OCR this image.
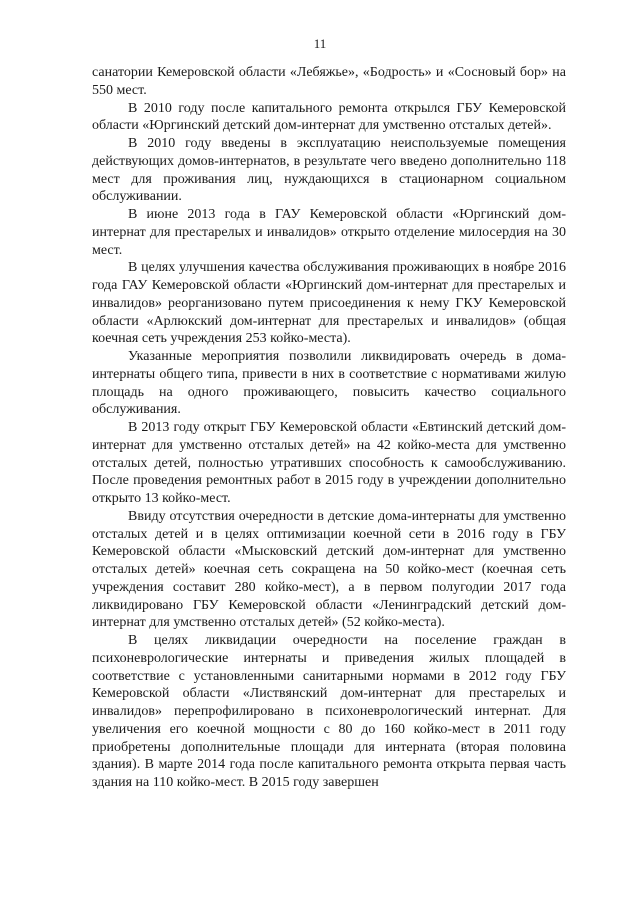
11

санатории Кемеровской области «Лебяжье», «Бодрость» и «Сосновый бор» на 550 мест.

В 2010 году после капитального ремонта открылся ГБУ Кемеровской области «Юргинский детский дом-интернат для умственно отсталых детей».

В 2010 году введены в эксплуатацию неиспользуемые помещения действующих домов-интернатов, в результате чего введено дополнительно 118 мест для проживания лиц, нуждающихся в стационарном социальном обслуживании.

В июне 2013 года в ГАУ Кемеровской области «Юргинский дом-интернат для престарелых и инвалидов» открыто отделение милосердия на 30 мест.

В целях улучшения качества обслуживания проживающих в ноябре 2016 года ГАУ Кемеровской области «Юргинский дом-интернат для престарелых и инвалидов» реорганизовано путем присоединения к нему ГКУ Кемеровской области «Арлюкский дом-интернат для престарелых и инвалидов» (общая коечная сеть учреждения 253 койко-места).

Указанные мероприятия позволили ликвидировать очередь в дома-интернаты общего типа, привести в них в соответствие с нормативами жилую площадь на одного проживающего, повысить качество социального обслуживания.

В 2013 году открыт ГБУ Кемеровской области «Евтинский детский дом-интернат для умственно отсталых детей» на 42 койко-места для умственно отсталых детей, полностью утративших способность к самообслуживанию. После проведения ремонтных работ в 2015 году в учреждении дополнительно открыто 13 койко-мест.

Ввиду отсутствия очередности в детские дома-интернаты для умственно отсталых детей и в целях оптимизации коечной сети в 2016 году в ГБУ Кемеровской области «Мысковский детский дом-интернат для умственно отсталых детей» коечная сеть сокращена на 50 койко-мест (коечная сеть учреждения составит 280 койко-мест), а в первом полугодии 2017 года ликвидировано ГБУ Кемеровской области «Ленинградский детский дом-интернат для умственно отсталых детей» (52 койко-места).

В целях ликвидации очередности на поселение граждан в психоневрологические интернаты и приведения жилых площадей в соответствие с установленными санитарными нормами в 2012 году ГБУ Кемеровской области «Листвянский дом-интернат для престарелых и инвалидов» перепрофилировано в психоневрологический интернат. Для увеличения его коечной мощности с 80 до 160 койко-мест в 2011 году приобретены дополнительные площади для интерната (вторая половина здания). В марте 2014 года после капитального ремонта открыта первая часть здания на 110 койко-мест. В 2015 году завершен
